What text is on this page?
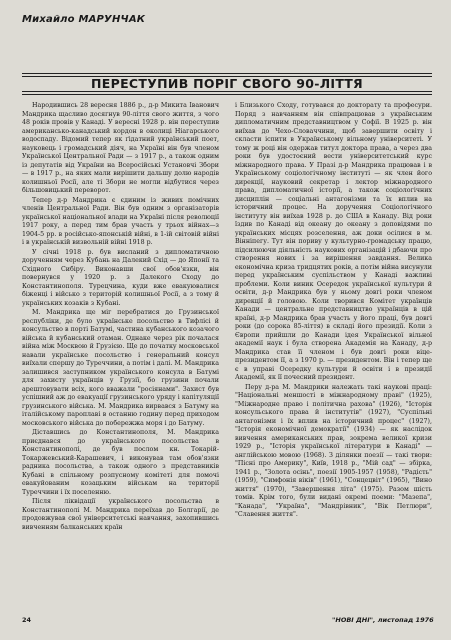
Михайло МАРУНЧАК
ПЕРЕСТУПИВ ПОРІГ СВОГО 90-ЛІТТЯ

Народившись 28 вересня 1886 р., д-р Микита Іванович Мандрика щасливо досягнув 90-ліття свого життя, з чого 48 років провів у Канаді. У вересні 1928 р. він переступив американсько-канадський кордон в околиці Ніагарського водоспаду. Відомий тепер як ґідатний український поет, науковець і громадський діяч, на Україні він був членом Української Центральної Ради — з 1917 р., а також одним із депутатів від України на Всеросійські Установчі Збори — в 1917 р., на яких мали вирішити дальшу долю народів колишньої Росії, але ті Збори не могли відбутися через більшовицький переворот.

Тепер д-р Мандрика є єдиним із живих помічних членів Центральної Ради. Він був одним з організаторів української національної влади на Україні після революції 1917 року, а перед тим брав участь у трьох війнах—з 1904-5 рр. в російсько-японській війні, в 1-ій світовій війні і в українській визвольній війні 1918 р.

У січні 1918 р. був висланий з дипломатичною дорученням через Кубань на Далекий Схід — до Японії та Східного Сибіру. Виконавши свої обов'язки, він повернувся у 1920 р. з Далекого Сходу до Константинополя. Турецчина, куди вже евакуювалися біженці і військо з територій колишньої Росії, а з тому й українських козаків з Кубані.

М. Мандрика ще міг перебратися до Грузинської республіки, де було українське посольство в Тифлісі й консульство в порті Батумі, частина кубанського козачого війська й кубанський отаман. Однаке через рік почалася війна між Москвою й Грузією. Ще до початку московської навали українське посольство і генеральний консул виїхали спершу до Туреччини, а потім і далі. М. Мандрика залишився заступником українського консула в Батумі для захисту українців у Грузії, бо грузини почали арештовувати всіх, кого вважали "росіянами". Захист був успішний аж до евакуації грузинського уряду і капітуляції грузинського війська. М. Мандрика вирвався з Батуму на італійському пароплаві в останню годину перед приходом московського війська до побережжа моря і до Батуму.

Діставшись до Константинополя, М. Мандрика приєднався до українського посольства в Константинополі, де був послом кн. Токарій-Токаржевський-Карашевич, і виконував там обов'язки радника посольства, а також одного з представників Кубані в спільному розпусному комітеті для помочі евакуйованим козацьким військам на території Туреччини і їх поселенню.

Після ліквідації українського посольства в Константинополі М. Мандрика переїхав до Болгарії, де продовжував свої університетські навчання, захопившись вивченням балканських країн

і Близького Сходу, готувався до докторату та професури. Поряд з навчанням він співпрацював з українським дипломатичним представництвом у Софії. В 1925 р. він виїхав до Чехо-Словаччини, щоб завершити освіту і скласти іспити в Українському вільному університеті. У тому ж році він одержав титул доктора права, а через два роки був удостоєний вести університетський курс міжнародного права. У Празі д-р Мандрика працював і в Українському соціологічному інституті — як член його дирекції, науковий секретар і лектор міжнародного права, дипломатичної історії, а також соціологічних дисциплін — соціальні антагонізми та їх вплив на історичний процес. На доручення Соціологічного інституту він виїхав 1928 р. до США в Канаду. Від роки їздив по Канаді від океану до океану з доповідями по українських місцях розселення, аж доки осілися в м. Вінніпегу. Тут він пориву у культурно-громадську працю, підсилюючи діяльність наукових організацій і дбаючи про створення нових і за вирішення завдання. Велика економічна криза тридцятих років, а потім війна висунули перед українським суспільством у Канаді важливі проблеми. Коли виник Осередок української культури й освіти, д-р Мандрика був у ньому довгі роки членом дирекції й головою. Коли творився Комітет українців Канади — центральне представництво українців в цій країні, д-р Мандрика брав участь у його праці, був довгі роки (до сорока 85-ліття) в складі його президії. Коли з Європи прийшли до Канади ідея Української вільної академії наук і була створена Академія на Канаду, д-р Мандрика став її членом і був довгі роки віце-президентом її, а з 1970 р. — президентом. Він і тепер ще є в управі Осередку культури й освіти і в президії Академії, як її почесний президент.

Перу д-ра М. Мандрики належать такі наукові праці: "Національні меншості в міжнародному праві" (1925), "Міжнародне право і політична рахова" (1926), "Історія консульського права й інститутів" (1927), "Суспільні антагонізми і їх вплив на історичний процес" (1927), "Історія економічної демократії" (1934) — як наслідок вивчення американських прав, зокрема великої кризи 1929 р., "Історія української літератури в Канаді" — англійською мовою (1968). З ділянки поезії — такі твори: "Пісні про Америку", Київ, 1918 р., "Мій сад" — збірка, 1941 р., "Золота осінь", поезії 1905-1957 (1958), "Радість" (1959), "Симфонія віків" (1961), "Сонцецвіт" (1965), "Вино життя" (1970), "Завершення літа" (1975). Разом шість томів. Крім того, були видані окремі поеми: "Мазепа", "Канада", "Україна", "Мандрівник", "Вік Петлюри", "Славення життя".

24	"НОВІ ДНІ", листопад 1976
